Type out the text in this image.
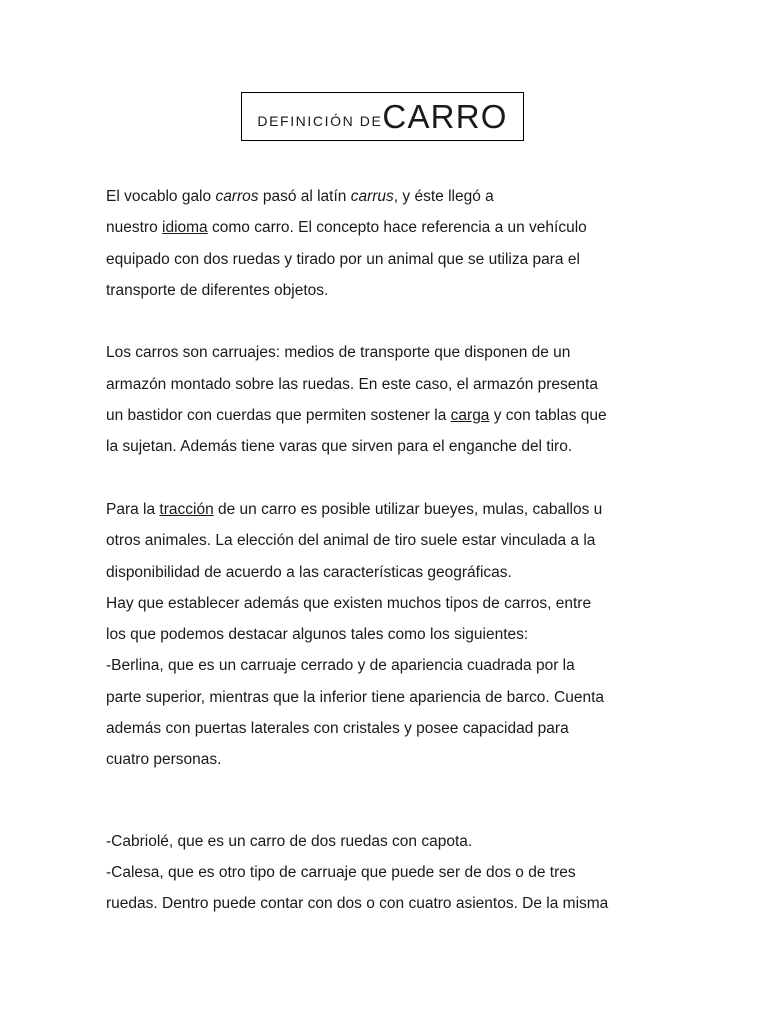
DEFINICIÓN DE CARRO
El vocablo galo carros pasó al latín carrus, y éste llegó a
nuestro idioma como carro. El concepto hace referencia a un vehículo
equipado con dos ruedas y tirado por un animal que se utiliza para el
transporte de diferentes objetos.
Los carros son carruajes: medios de transporte que disponen de un
armazón montado sobre las ruedas. En este caso, el armazón presenta
un bastidor con cuerdas que permiten sostener la carga y con tablas que
la sujetan. Además tiene varas que sirven para el enganche del tiro.
Para la tracción de un carro es posible utilizar bueyes, mulas, caballos u
otros animales. La elección del animal de tiro suele estar vinculada a la
disponibilidad de acuerdo a las características geográficas.
Hay que establecer además que existen muchos tipos de carros, entre
los que podemos destacar algunos tales como los siguientes:
-Berlina, que es un carruaje cerrado y de apariencia cuadrada por la
parte superior, mientras que la inferior tiene apariencia de barco. Cuenta
además con puertas laterales con cristales y posee capacidad para
cuatro personas.
-Cabriolé, que es un carro de dos ruedas con capota.
-Calesa, que es otro tipo de carruaje que puede ser de dos o de tres
ruedas. Dentro puede contar con dos o con cuatro asientos. De la misma
